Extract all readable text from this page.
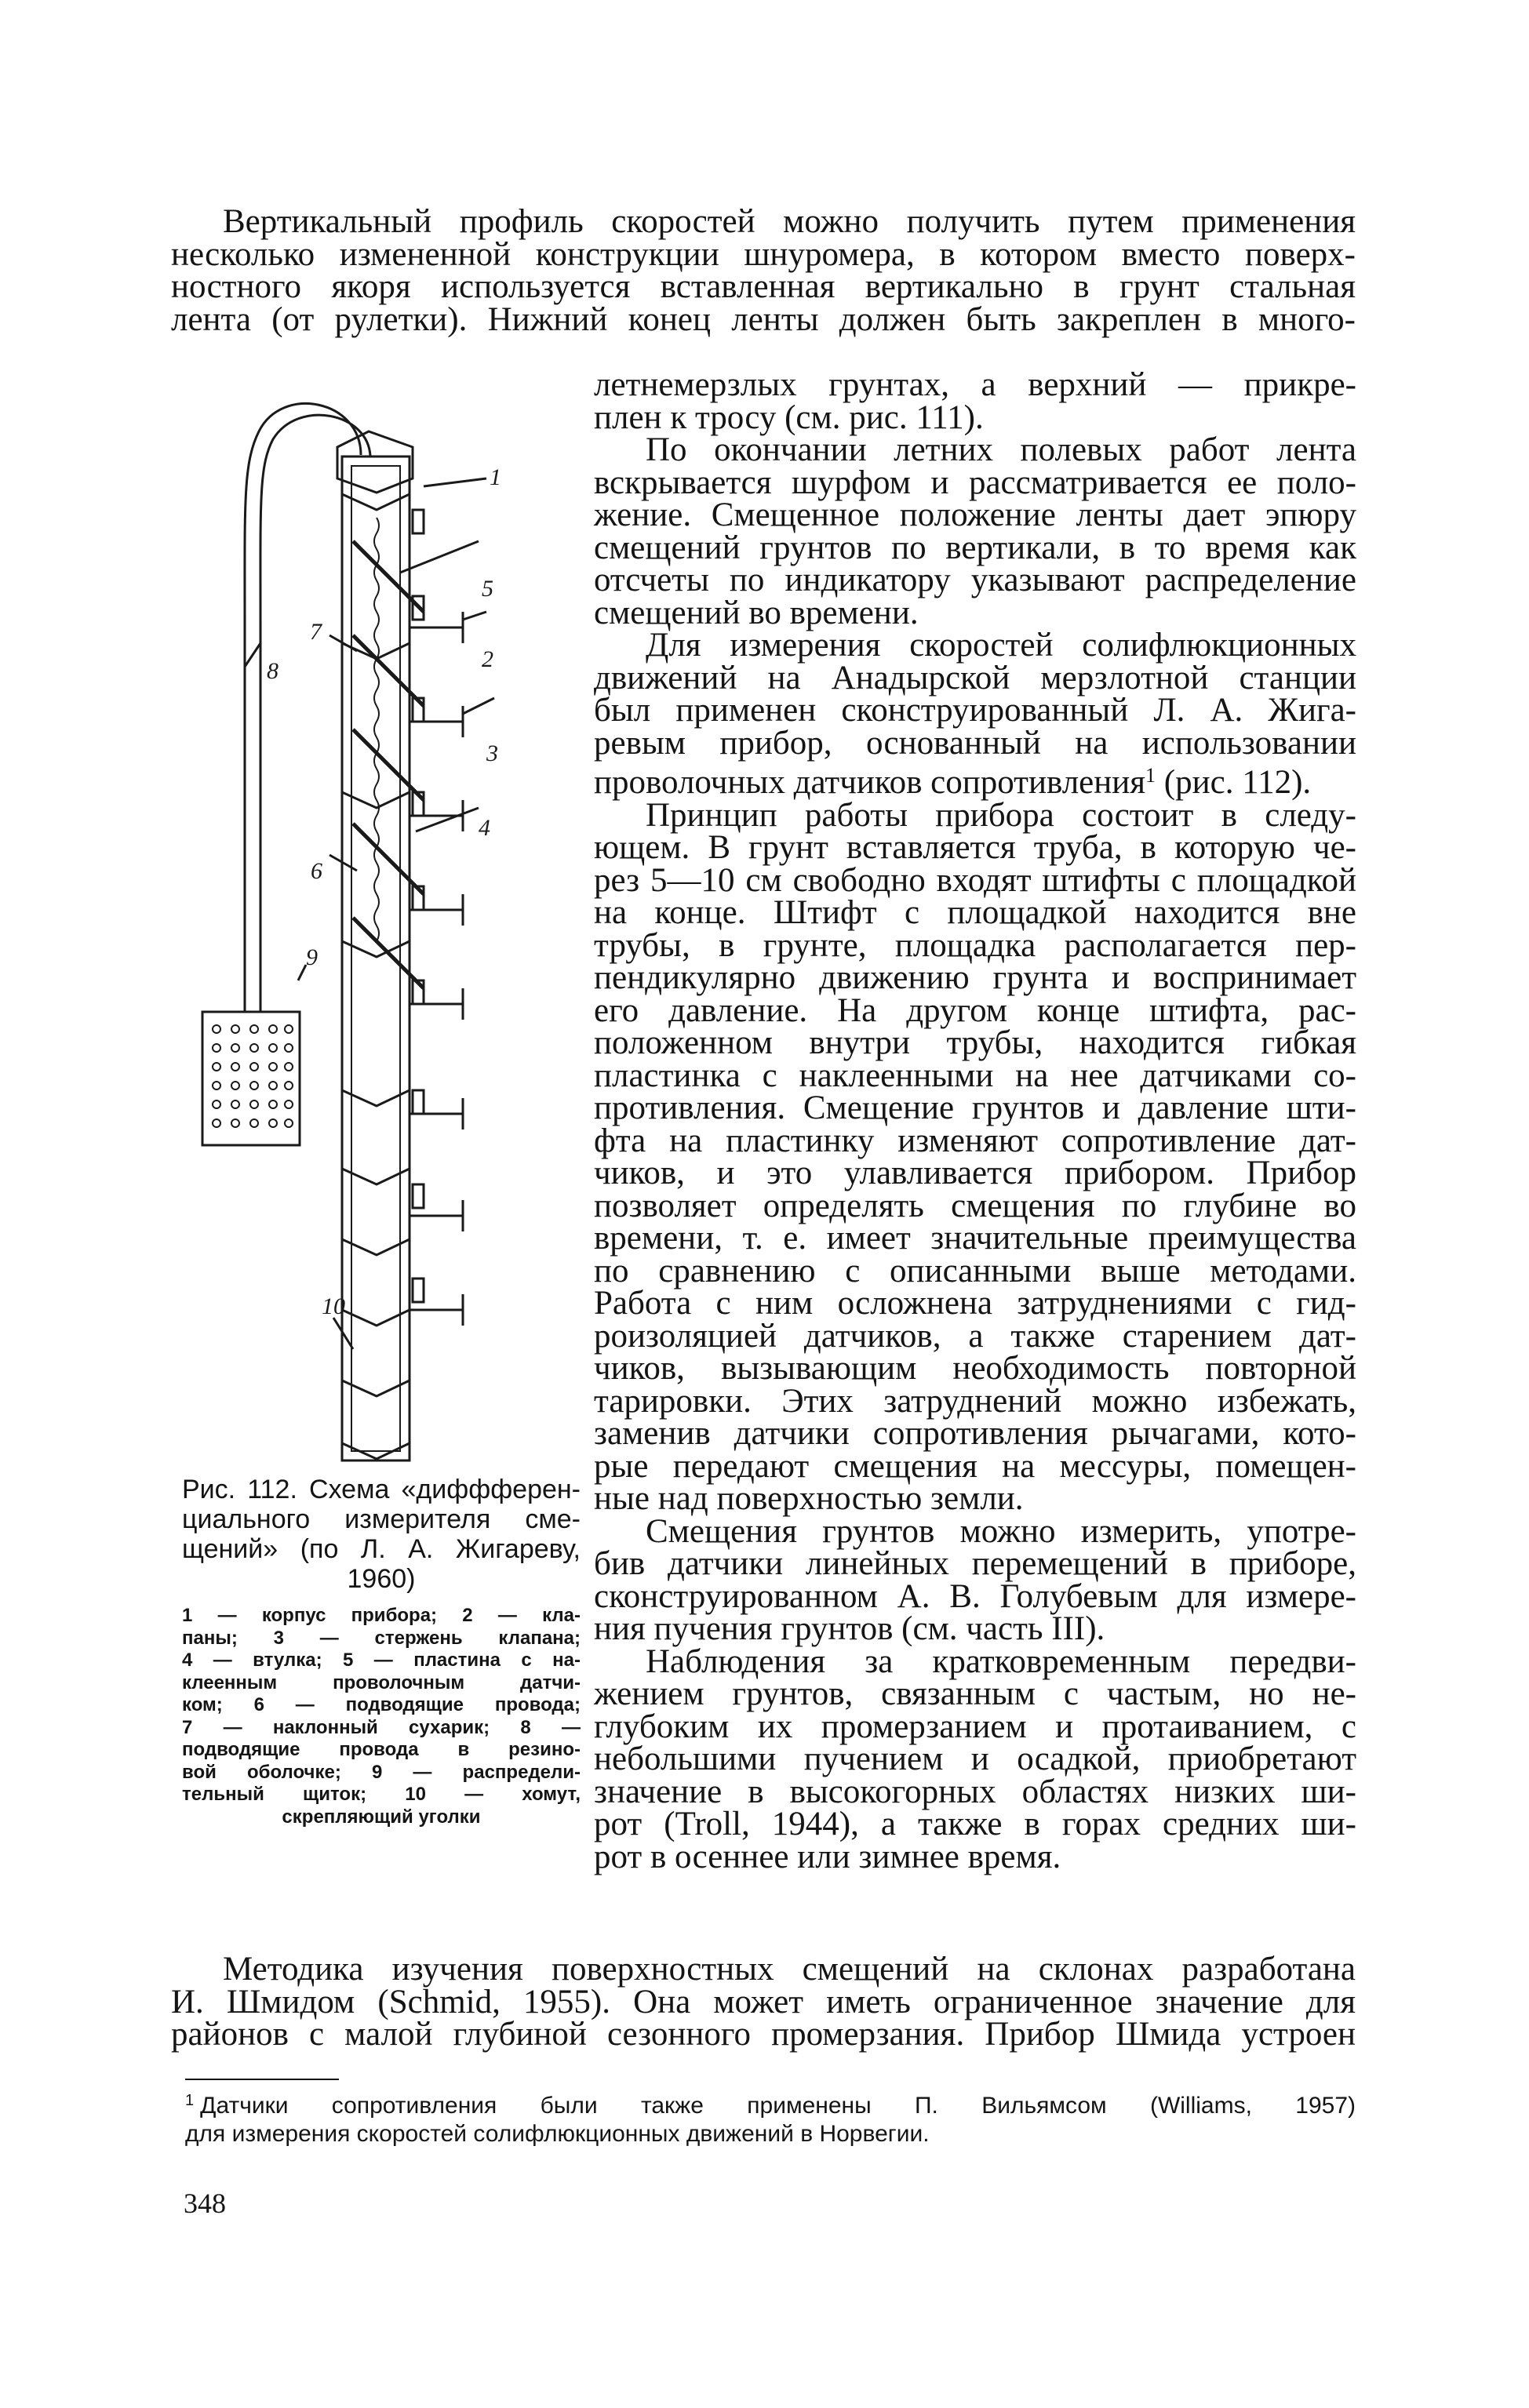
Вертикальный профиль скоростей можно получить путем применения
несколько измененной конструкции шнуромера, в котором вместо поверх-
ностного якоря используется вставленная вертикально в грунт стальная
лента (от рулетки). Нижний конец ленты должен быть закреплен в много-
летнемерзлых грунтах, а верхний — прикре-
плен к тросу (см. рис. 111).
По окончании летних полевых работ лента
вскрывается шурфом и рассматривается ее поло-
жение. Смещенное положение ленты дает эпюру
смещений грунтов по вертикали, в то время как
отсчеты по индикатору указывают распределение
смещений во времени.
Для измерения скоростей солифлюкционных
движений на Анадырской мерзлотной станции
был применен сконструированный Л. А. Жига-
ревым прибор, основанный на использовании
проволочных датчиков сопротивления$^1$ (рис. 112).
Принцип работы прибора состоит в следу-
ющем. В грунт вставляется труба, в которую че-
рез 5—10 см свободно входят штифты с площадкой
на конце. Штифт с площадкой находится вне
трубы, в грунте, площадка располагается пер-
пендикулярно движению грунта и воспринимает
его давление. На другом конце штифта, рас-
положенном внутри трубы, находится гибкая
пластинка с наклеенными на нее датчиками со-
противления. Смещение грунтов и давление шти-
фта на пластинку изменяют сопротивление дат-
чиков, и это улавливается прибором. Прибор
позволяет определять смещения по глубине во
времени, т. е. имеет значительные преимущества
по сравнению с описанными выше методами.
Работа с ним осложнена затруднениями с гид-
роизоляцией датчиков, а также старением дат-
чиков, вызывающим необходимость повторной
тарировки. Этих затруднений можно избежать,
заменив датчики сопротивления рычагами, кото-
рые передают смещения на мессуры, помещен-
ные над поверхностью земли.
Смещения грунтов можно измерить, употре-
бив датчики линейных перемещений в приборе,
сконструированном А. В. Голубевым для измере-
ния пучения грунтов (см. часть III).
Наблюдения за кратковременным передви-
жением грунтов, связанным с частым, но не-
глубоким их промерзанием и протаиванием, с
небольшими пучением и осадкой, приобретают
значение в высокогорных областях низких ши-
рот (Troll, 1944), а также в горах средних ши-
рот в осеннее или зимнее время.
1
2
3
4
5
6
7
8
9
10
Рис. 112. Схема «диффферен-
циального измерителя сме-
щений» (по Л. А. Жигареву,
1960)
1 — корпус прибора; 2 — кла-
паны; 3 — стержень клапана;
4 — втулка; 5 — пластина с на-
клеенным проволочным датчи-
ком; 6 — подводящие провода;
7 — наклонный сухарик; 8 —
подводящие провода в резино-
вой оболочке; 9 — распредели-
тельный щиток; 10 — хомут,
скрепляющий уголки
Методика изучения поверхностных смещений на склонах разработана
И. Шмидом (Schmid, 1955). Она может иметь ограниченное значение для
районов с малой глубиной сезонного промерзания. Прибор Шмида устроен
$^1$ Датчики сопротивления были также применены П. Вильямсом (Williams, 1957)
для измерения скоростей солифлюкционных движений в Норвегии.
348
